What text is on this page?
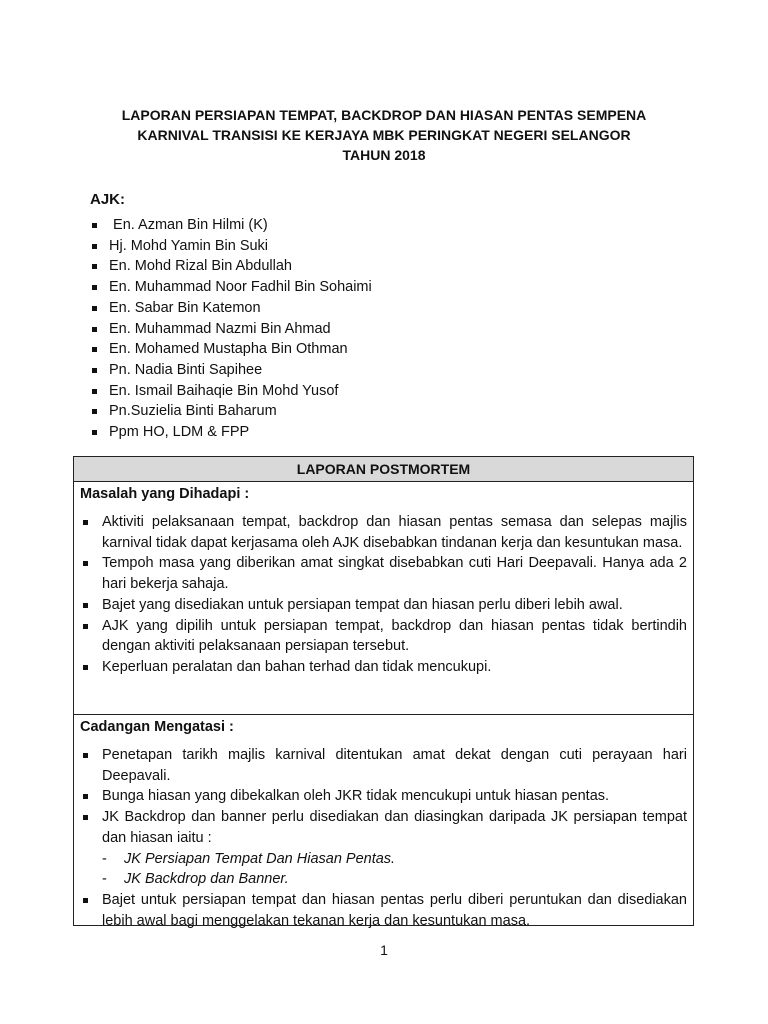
LAPORAN PERSIAPAN TEMPAT, BACKDROP DAN HIASAN PENTAS SEMPENA
KARNIVAL TRANSISI KE KERJAYA MBK PERINGKAT NEGERI SELANGOR
TAHUN 2018
AJK:
En. Azman Bin Hilmi (K)
Hj. Mohd Yamin Bin Suki
En. Mohd Rizal Bin Abdullah
En. Muhammad Noor Fadhil Bin Sohaimi
En. Sabar Bin Katemon
En. Muhammad Nazmi Bin Ahmad
En. Mohamed Mustapha Bin Othman
Pn. Nadia Binti Sapihee
En. Ismail Baihaqie Bin Mohd Yusof
Pn.Suzielia Binti Baharum
Ppm HO, LDM & FPP
LAPORAN POSTMORTEM
Masalah yang Dihadapi :
Aktiviti pelaksanaan tempat, backdrop dan hiasan pentas semasa dan selepas majlis karnival tidak dapat kerjasama oleh AJK disebabkan tindanan kerja dan kesuntukan masa.
Tempoh masa yang diberikan amat singkat disebabkan cuti Hari Deepavali. Hanya ada 2 hari bekerja sahaja.
Bajet yang disediakan untuk persiapan tempat dan hiasan perlu diberi lebih awal.
AJK yang dipilih untuk persiapan tempat, backdrop dan hiasan pentas tidak bertindih dengan aktiviti pelaksanaan persiapan tersebut.
Keperluan peralatan dan bahan terhad dan tidak mencukupi.
Cadangan Mengatasi :
Penetapan tarikh majlis karnival ditentukan amat dekat dengan cuti perayaan hari Deepavali.
Bunga hiasan yang dibekalkan oleh JKR tidak mencukupi untuk hiasan pentas.
JK Backdrop dan banner perlu disediakan dan diasingkan daripada JK persiapan tempat dan hiasan iaitu :
- JK Persiapan Tempat Dan Hiasan Pentas.
- JK Backdrop dan Banner.
Bajet untuk persiapan tempat dan hiasan pentas perlu diberi peruntukan dan disediakan lebih awal bagi menggelakan tekanan kerja dan kesuntukan masa.
1
